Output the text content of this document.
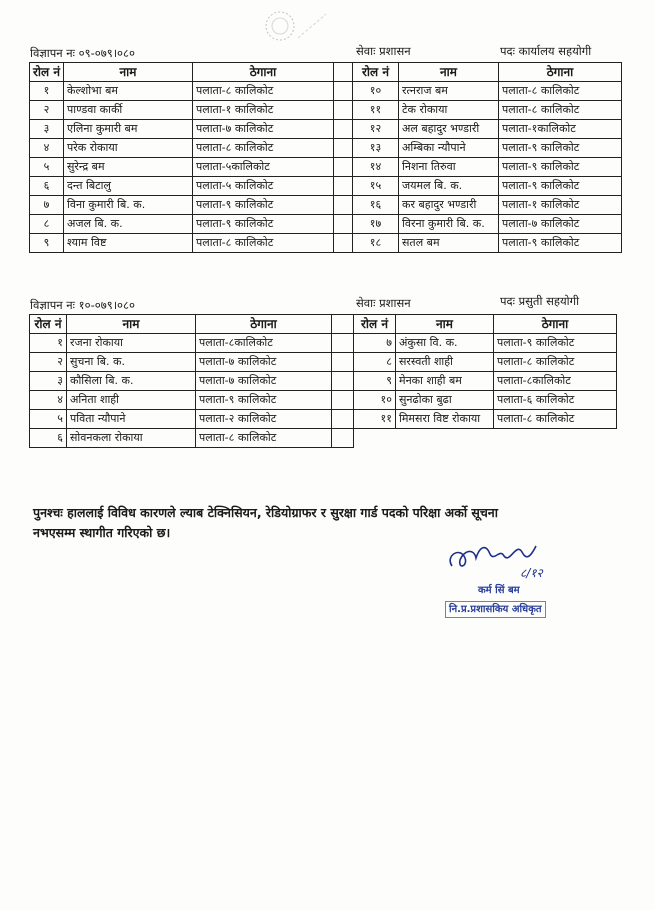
विज्ञापन नः ०९-०७९।०८०	सेवाः प्रशासन	पदः कार्यालय सहयोगी
रोल नं	नाम	ठेगाना		रोल नं	नाम	ठेगाना
१	केल्शोभा बम	पलाता-८ कालिकोट		१०	रत्नराज बम	पलाता-८ कालिकोट
२	पाण्डवा कार्की	पलाता-१ कालिकोट		११	टेक रोकाया	पलाता-८ कालिकोट
३	एलिना कुमारी बम	पलाता-७ कालिकोट		१२	अल बहादुर भण्डारी	पलाता-१कालिकोट
४	परेक रोकाया	पलाता-८ कालिकोट		१३	अम्बिका न्यौपाने	पलाता-९ कालिकोट
५	सुरेन्द्र बम	पलाता-५कालिकोट		१४	निशना तिरुवा	पलाता-९ कालिकोट
६	दन्त बिटालु	पलाता-५ कालिकोट		१५	जयमल बि. क.	पलाता-९ कालिकोट
७	विना कुमारी बि. क.	पलाता-९ कालिकोट		१६	कर बहादुर भण्डारी	पलाता-१ कालिकोट
८	अजल बि. क.	पलाता-९ कालिकोट		१७	विरना कुमारी बि. क.	पलाता-७ कालिकोट
९	श्याम विष्ट	पलाता-८ कालिकोट		१८	सतल बम	पलाता-९ कालिकोट
विज्ञापन नः १०-०७९।०८०	सेवाः प्रशासन	पदः प्रसुती सहयोगी
रोल नं	नाम	ठेगाना		रोल नं	नाम	ठेगाना
१	रजना रोकाया	पलाता-८कालिकोट		७	अंकुसा वि. क.	पलाता-९ कालिकोट
२	सुचना बि. क.	पलाता-७ कालिकोट		८	सरस्वती शाही	पलाता-८ कालिकोट
३	कौसिला बि. क.	पलाता-७ कालिकोट		९	मेनका शाही बम	पलाता-८कालिकोट
४	अनिता शाही	पलाता-९ कालिकोट		१०	सुनढोका बुढा	पलाता-६ कालिकोट
५	पविता न्यौपाने	पलाता-२ कालिकोट		११	मिमसरा विष्ट रोकाया	पलाता-८ कालिकोट
६	सोवनकला रोकाया	पलाता-८ कालिकोट				
पुनश्चः हाललाई विविध कारणले ल्याब टेक्निसियन, रेडियोग्राफर र सुरक्षा गार्ड पदको परिक्षा अर्को सूचना
नभएसम्म स्थागीत गरिएको छ।
८/१२
कर्म सिं बम
नि.प्र.प्रशासकिय अधिकृत
